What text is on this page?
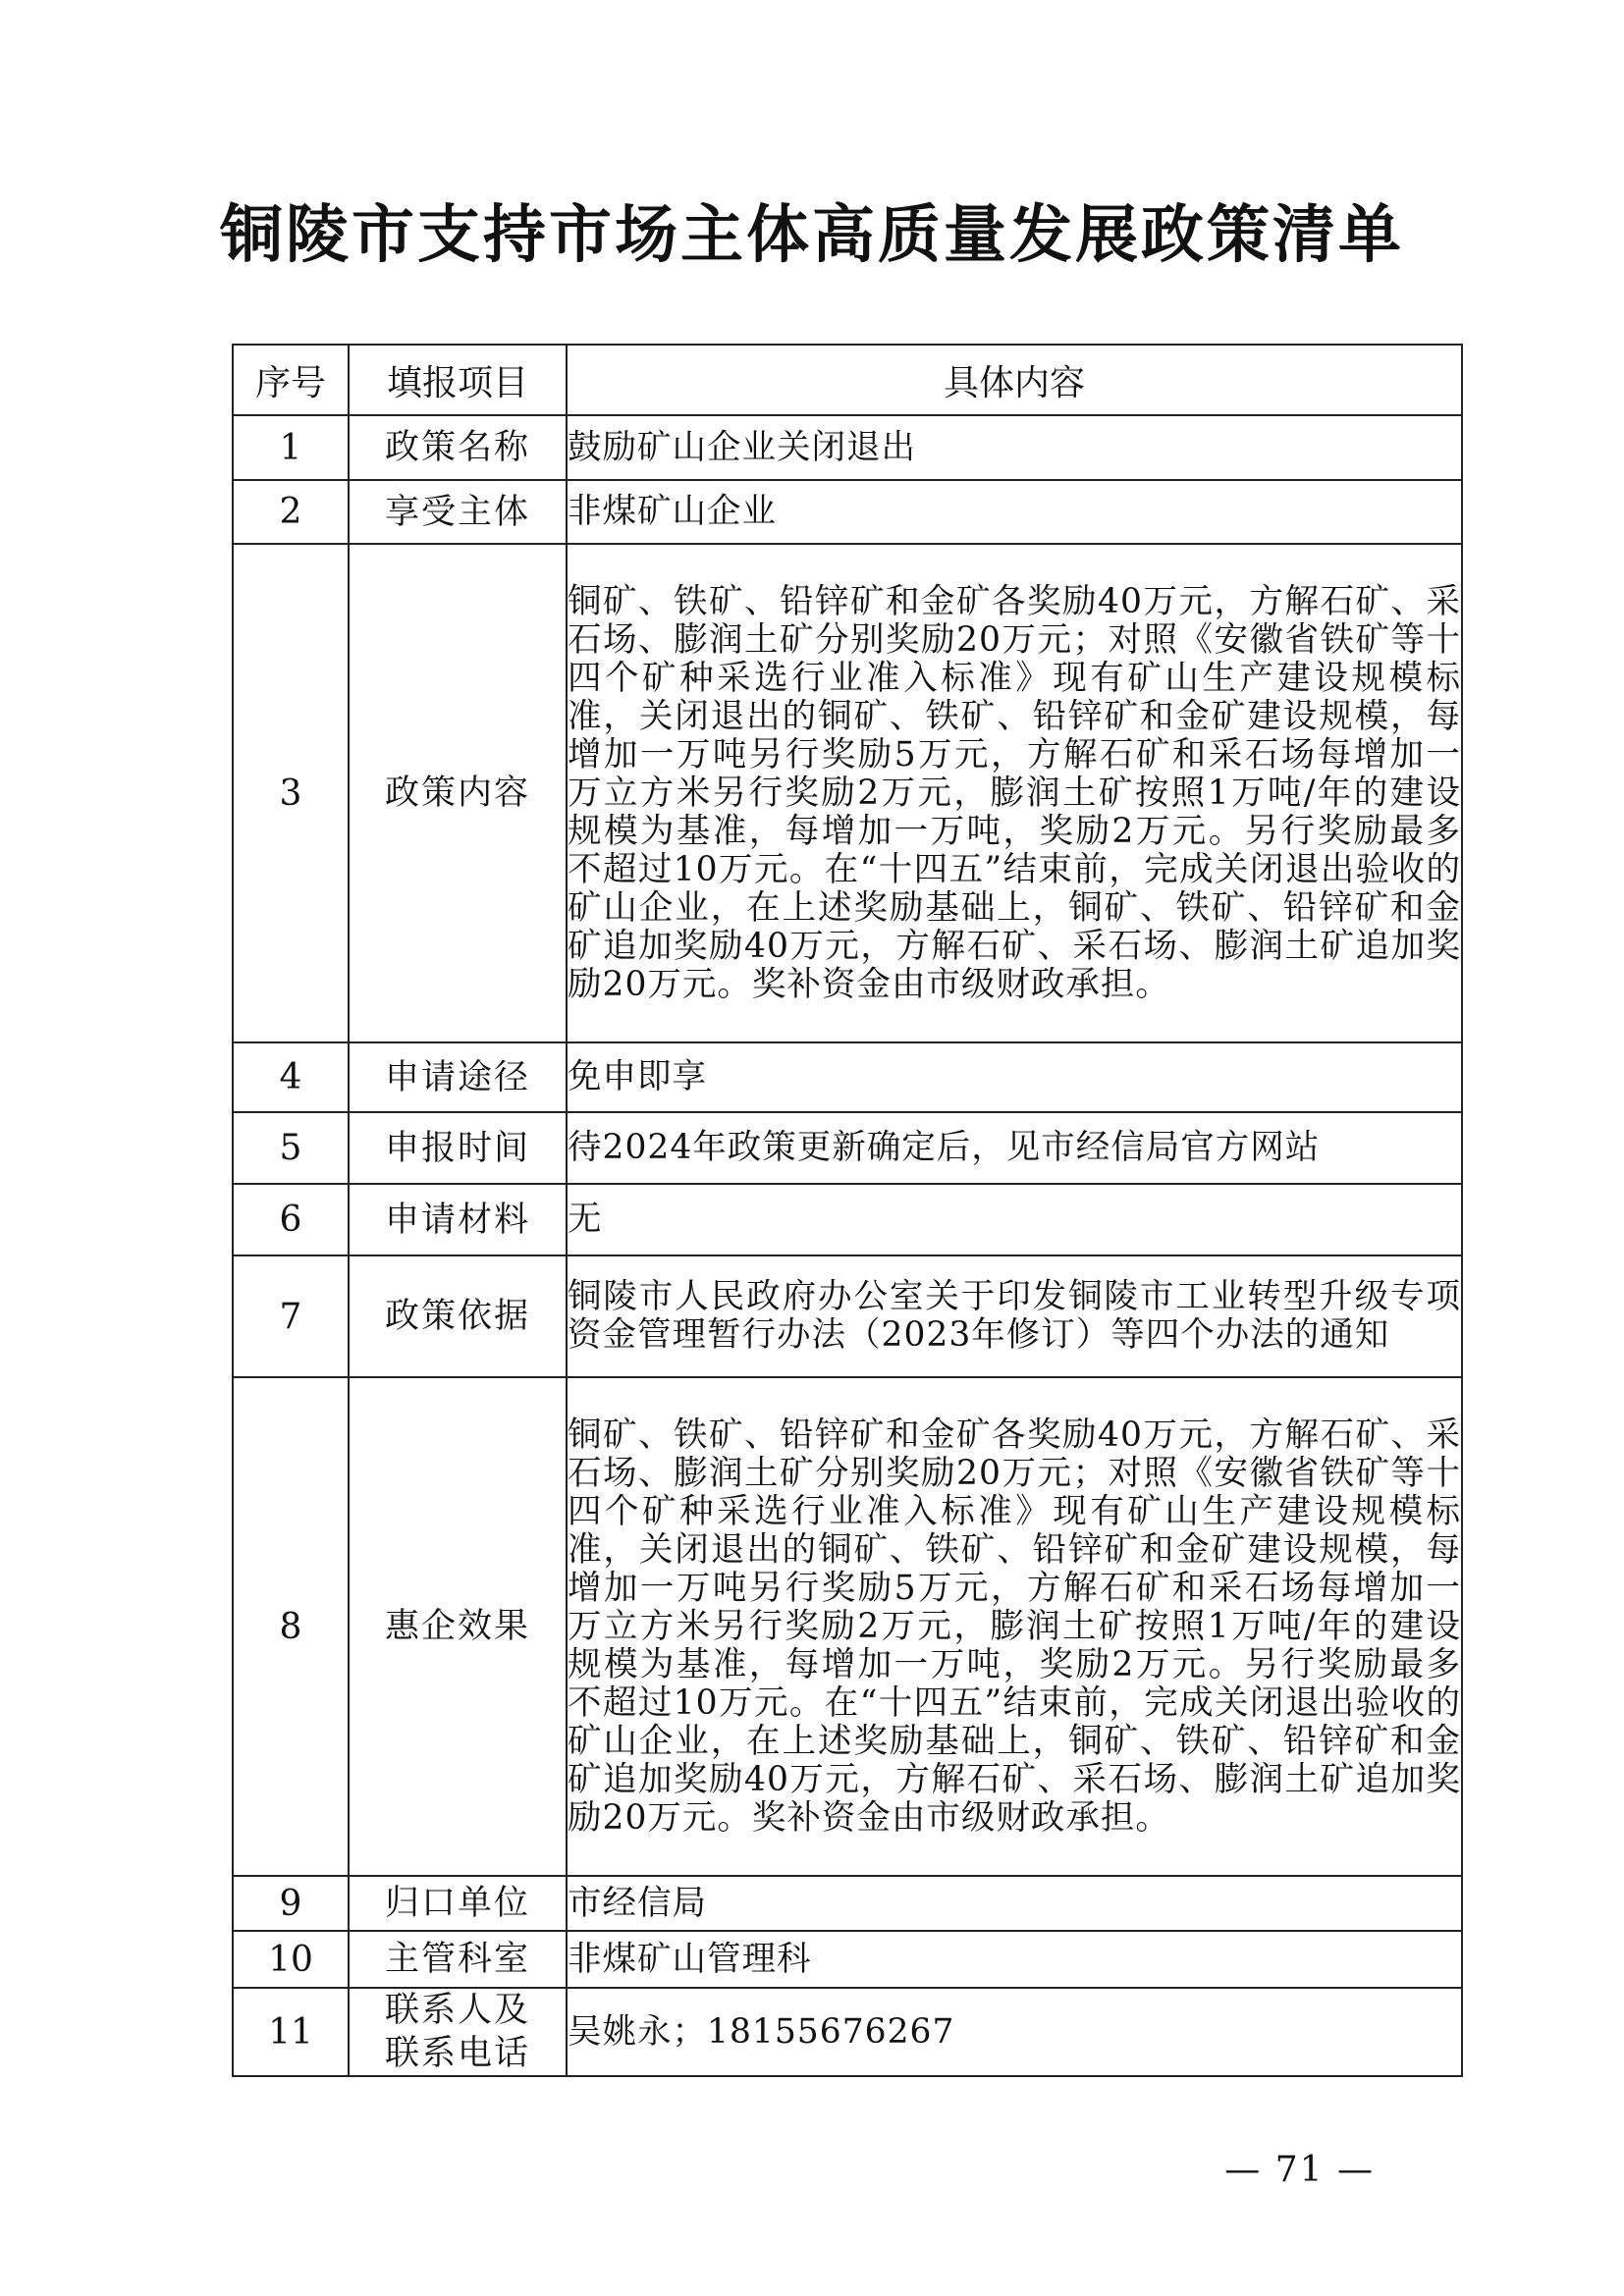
铜陵市支持市场主体高质量发展政策清单
序号	填报项目	具体内容
1	政策名称	鼓励矿山企业关闭退出
2	享受主体	非煤矿山企业
3	政策内容	铜矿、铁矿、铅锌矿和金矿各奖励40万元，方解石矿、采石场、膨润土矿分别奖励20万元；对照《安徽省铁矿等十四个矿种采选行业准入标准》现有矿山生产建设规模标准，关闭退出的铜矿、铁矿、铅锌矿和金矿建设规模，每增加一万吨另行奖励5万元，方解石矿和采石场每增加一万立方米另行奖励2万元，膨润土矿按照1万吨/年的建设规模为基准，每增加一万吨，奖励2万元。另行奖励最多不超过10万元。在“十四五”结束前，完成关闭退出验收的矿山企业，在上述奖励基础上，铜矿、铁矿、铅锌矿和金矿追加奖励40万元，方解石矿、采石场、膨润土矿追加奖励20万元。奖补资金由市级财政承担。
4	申请途径	免申即享
5	申报时间	待2024年政策更新确定后，见市经信局官方网站
6	申请材料	无
7	政策依据	铜陵市人民政府办公室关于印发铜陵市工业转型升级专项资金管理暂行办法（2023年修订）等四个办法的通知
8	惠企效果	铜矿、铁矿、铅锌矿和金矿各奖励40万元，方解石矿、采石场、膨润土矿分别奖励20万元；对照《安徽省铁矿等十四个矿种采选行业准入标准》现有矿山生产建设规模标准，关闭退出的铜矿、铁矿、铅锌矿和金矿建设规模，每增加一万吨另行奖励5万元，方解石矿和采石场每增加一万立方米另行奖励2万元，膨润土矿按照1万吨/年的建设规模为基准，每增加一万吨，奖励2万元。另行奖励最多不超过10万元。在“十四五”结束前，完成关闭退出验收的矿山企业，在上述奖励基础上，铜矿、铁矿、铅锌矿和金矿追加奖励40万元，方解石矿、采石场、膨润土矿追加奖励20万元。奖补资金由市级财政承担。
9	归口单位	市经信局
10	主管科室	非煤矿山管理科
11	联系人及联系电话	吴姚永；18155676267
— 71 —
